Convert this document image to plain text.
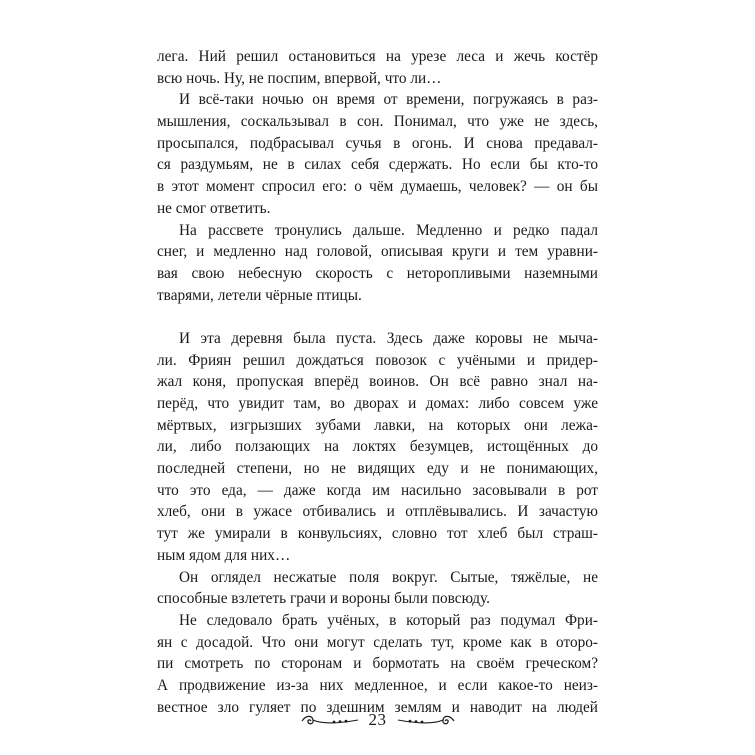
лега. Ний решил остановиться на урезе леса и жечь костёр
всю ночь. Ну, не поспим, впервой, что ли…
И всё-таки ночью он время от времени, погружаясь в раз-
мышления, соскальзывал в сон. Понимал, что уже не здесь,
просыпался, подбрасывал сучья в огонь. И снова предавал-
ся раздумьям, не в силах себя сдержать. Но если бы кто-то
в этот момент спросил его: о чём думаешь, человек? — он бы
не смог ответить.
На рассвете тронулись дальше. Медленно и редко падал
снег, и медленно над головой, описывая круги и тем уравни-
вая свою небесную скорость с неторопливыми наземными
тварями, летели чёрные птицы.
И эта деревня была пуста. Здесь даже коровы не мыча-
ли. Фриян решил дождаться повозок с учёными и придер-
жал коня, пропуская вперёд воинов. Он всё равно знал на-
перёд, что увидит там, во дворах и домах: либо совсем уже
мёртвых, изгрызших зубами лавки, на которых они лежа-
ли, либо ползающих на локтях безумцев, истощённых до
последней степени, но не видящих еду и не понимающих,
что это еда, — даже когда им насильно засовывали в рот
хлеб, они в ужасе отбивались и отплёвывались. И зачастую
тут же умирали в конвульсиях, словно тот хлеб был страш-
ным ядом для них…
Он оглядел несжатые поля вокруг. Сытые, тяжёлые, не
способные взлететь грачи и вороны были повсюду.
Не следовало брать учёных, в который раз подумал Фри-
ян с досадой. Что они могут сделать тут, кроме как в оторо-
пи смотреть по сторонам и бормотать на своём греческом?
А продвижение из-за них медленное, и если какое-то неиз-
вестное зло гуляет по здешним землям и наводит на людей
23
